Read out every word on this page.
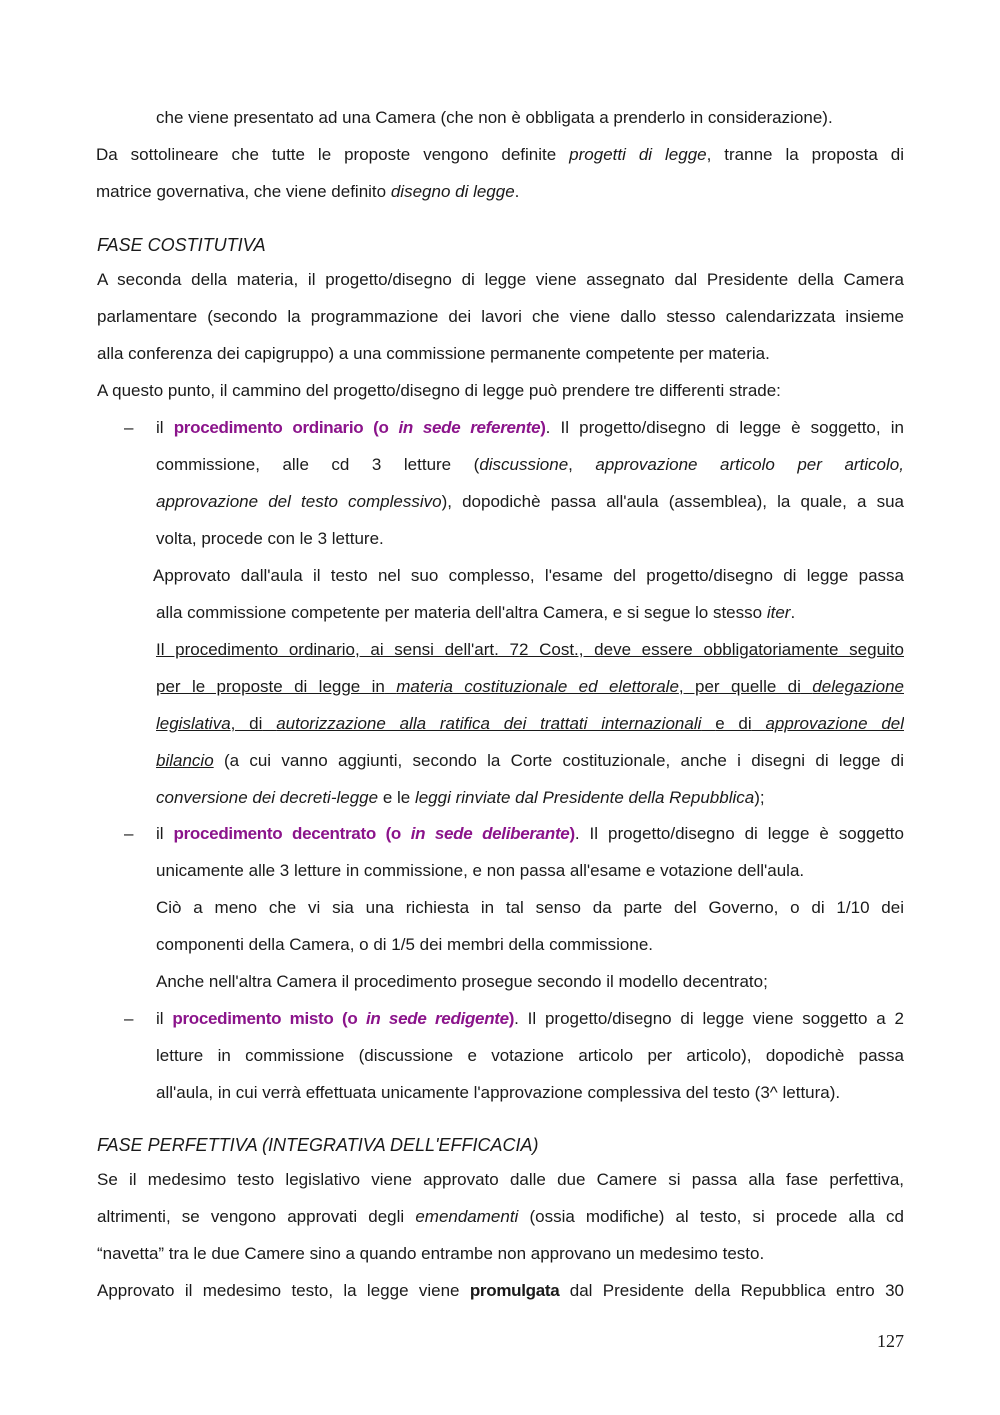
che viene presentato ad una Camera (che non è obbligata a prenderlo in considerazione).
Da sottolineare che tutte le proposte vengono definite progetti di legge, tranne la proposta di
matrice governativa, che viene definito disegno di legge.
FASE COSTITUTIVA
A seconda della materia, il progetto/disegno di legge viene assegnato dal Presidente della Camera
parlamentare (secondo la programmazione dei lavori che viene dallo stesso calendarizzata insieme
alla conferenza dei capigruppo) a una commissione permanente competente per materia.
A questo punto, il cammino del progetto/disegno di legge può prendere tre differenti strade:
– il procedimento ordinario (o in sede referente). Il progetto/disegno di legge è soggetto, in
commissione, alle cd 3 letture (discussione, approvazione articolo per articolo,
approvazione del testo complessivo), dopodichè passa all'aula (assemblea), la quale, a sua
volta, procede con le 3 letture.
Approvato dall'aula il testo nel suo complesso, l'esame del progetto/disegno di legge passa
alla commissione competente per materia dell'altra Camera, e si segue lo stesso iter.
Il procedimento ordinario, ai sensi dell'art. 72 Cost., deve essere obbligatoriamente seguito
per le proposte di legge in materia costituzionale ed elettorale, per quelle di delegazione
legislativa, di autorizzazione alla ratifica dei trattati internazionali e di approvazione del
bilancio (a cui vanno aggiunti, secondo la Corte costituzionale, anche i disegni di legge di
conversione dei decreti-legge e le leggi rinviate dal Presidente della Repubblica);
– il procedimento decentrato (o in sede deliberante). Il progetto/disegno di legge è soggetto
unicamente alle 3 letture in commissione, e non passa all'esame e votazione dell'aula.
Ciò a meno che vi sia una richiesta in tal senso da parte del Governo, o di 1/10 dei
componenti della Camera, o di 1/5 dei membri della commissione.
Anche nell'altra Camera il procedimento prosegue secondo il modello decentrato;
– il procedimento misto (o in sede redigente). Il progetto/disegno di legge viene soggetto a 2
letture in commissione (discussione e votazione articolo per articolo), dopodichè passa
all'aula, in cui verrà effettuata unicamente l'approvazione complessiva del testo (3^ lettura).
FASE PERFETTIVA (INTEGRATIVA DELL'EFFICACIA)
Se il medesimo testo legislativo viene approvato dalle due Camere si passa alla fase perfettiva,
altrimenti, se vengono approvati degli emendamenti (ossia modifiche) al testo, si procede alla cd
“navetta” tra le due Camere sino a quando entrambe non approvano un medesimo testo.
Approvato il medesimo testo, la legge viene promulgata dal Presidente della Repubblica entro 30
127
